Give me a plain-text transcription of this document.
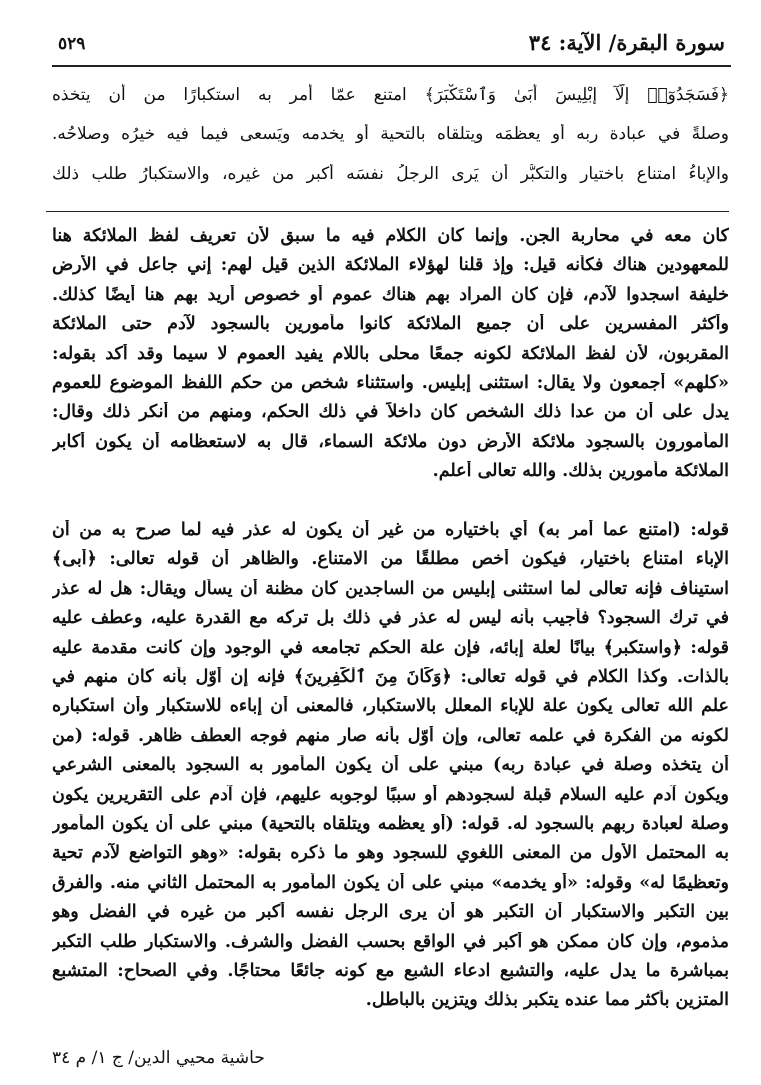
سورة البقرة/ الآية: ٣٤
٥٢٩
﴿فَسَجَدُوٓا۟ إِلَّآ إِبْلِيسَ أَبَىٰ وَٱسْتَكْبَرَ﴾ امتنع عمّا أمر به استكبارًا من أن يتخذه
وصلةً في عبادة ربه أو يعظمَه ويتلقاه بالتحية أو يخدمه ويَسعى فيما فيه خيرُه وصلاحُه.
والإباءُ امتناع باختيار والتكبُّر أن يَرى الرجلُ نفسَه أكبر من غيره، والاستكبارُ طلب ذلك
كان معه في محاربة الجن. وإنما كان الكلام فيه ما سبق لأن تعريف لفظ الملائكة هنا
للمعهودين هناك فكأنه قيل: وإذ قلنا لهؤلاء الملائكة الذين قيل لهم: إني جاعل في الأرض
خليفة اسجدوا لآدم، فإن كان المراد بهم هناك عموم أو خصوص أريد بهم هنا أيضًا كذلك.
وأكثر المفسرين على أن جميع الملائكة كانوا مأمورين بالسجود لآدم حتى الملائكة
المقربون، لأن لفظ الملائكة لكونه جمعًا محلى باللام يفيد العموم لا سيما وقد أكد بقوله:
«كلهم» أجمعون ولا يقال: استثنى إبليس. واستثناء شخص من حكم اللفظ الموضوع للعموم
يدل على أن من عدا ذلك الشخص كان داخلاً في ذلك الحكم، ومنهم من أنكر ذلك وقال:
المأمورون بالسجود ملائكة الأرض دون ملائكة السماء، قال به لاستعظامه أن يكون أكابر
الملائكة مأمورين بذلك. والله تعالى أعلم.
قوله: (امتنع عما أمر به) أي باختياره من غير أن يكون له عذر فيه لما صرح به من أن
الإباء امتناع باختيار، فيكون أخص مطلقًا من الامتناع. والظاهر أن قوله تعالى: ﴿أبى﴾
استيناف فإنه تعالى لما استثنى إبليس من الساجدين كان مظنة أن يسأل ويقال: هل له عذر
في ترك السجود؟ فأجيب بأنه ليس له عذر في ذلك بل تركه مع القدرة عليه، وعطف عليه
قوله: ﴿واستكبر﴾ بيانًا لعلة إبائه، فإن علة الحكم تجامعه في الوجود وإن كانت مقدمة عليه
بالذات. وكذا الكلام في قوله تعالى: ﴿وَكَانَ مِنَ ٱلْكَٰفِرِينَ﴾ فإنه إن أوّل بأنه كان منهم في
علم الله تعالى يكون علة للإباء المعلل بالاستكبار، فالمعنى أن إباءه للاستكبار وأن استكباره
لكونه من الفكرة في علمه تعالى، وإن أوّل بأنه صار منهم فوجه العطف ظاهر. قوله: (من
أن يتخذه وصلة في عبادة ربه) مبني على أن يكون المأمور به السجود بالمعنى الشرعي
ويكون آدم عليه السلام قبلة لسجودهم أو سببًا لوجوبه عليهم، فإن آدم على التقريرين يكون
وصلة لعبادة ربهم بالسجود له. قوله: (أو يعظمه ويتلقاه بالتحية) مبني على أن يكون المأمور
به المحتمل الأول من المعنى اللغوي للسجود وهو ما ذكره بقوله: «وهو التواضع لآدم تحية
وتعظيمًا له» وقوله: «أو يخدمه» مبني على أن يكون المأمور به المحتمل الثاني منه. والفرق
بين التكبر والاستكبار أن التكبر هو أن يرى الرجل نفسه أكبر من غيره في الفضل وهو
مذموم، وإن كان ممكن هو أكبر في الواقع بحسب الفضل والشرف. والاستكبار طلب التكبر
بمباشرة ما يدل عليه، والتشبع ادعاء الشبع مع كونه جائعًا محتاجًا. وفي الصحاح: المتشبع
المتزين بأكثر مما عنده يتكبر بذلك ويتزين بالباطل.
حاشية محيي الدين/ ج ١/ م ٣٤
